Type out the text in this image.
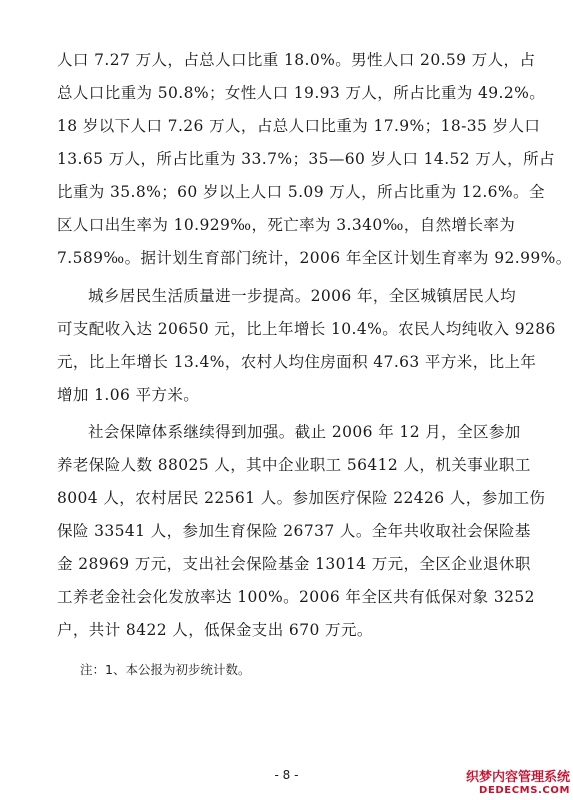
人口 7.27 万人，占总人口比重 18.0%。男性人口 20.59 万人，占

总人口比重为 50.8%；女性人口 19.93 万人，所占比重为 49.2%。

18 岁以下人口 7.26 万人，占总人口比重为 17.9%；18-35 岁人口

13.65 万人，所占比重为 33.7%；35—60 岁人口 14.52 万人，所占

比重为 35.8%；60 岁以上人口 5.09 万人，所占比重为 12.6%。全

区人口出生率为 10.929‰，死亡率为 3.340‰，自然增长率为

7.589‰。据计划生育部门统计，2006 年全区计划生育率为 92.99%。

城乡居民生活质量进一步提高。2006 年，全区城镇居民人均

可支配收入达 20650 元，比上年增长 10.4%。农民人均纯收入 9286

元，比上年增长 13.4%，农村人均住房面积 47.63 平方米，比上年

增加 1.06 平方米。

社会保障体系继续得到加强。截止 2006 年 12 月，全区参加

养老保险人数 88025 人，其中企业职工 56412 人，机关事业职工

8004 人，农村居民 22561 人。参加医疗保险 22426 人，参加工伤

保险 33541 人，参加生育保险 26737 人。全年共收取社会保险基

金 28969 万元，支出社会保险基金 13014 万元，全区企业退休职

工养老金社会化发放率达 100%。2006 年全区共有低保对象 3252

户，共计 8422 人，低保金支出 670 万元。

注：1、本公报为初步统计数。
- 8 -	织梦内容管理系统
DEDECMS.COM
